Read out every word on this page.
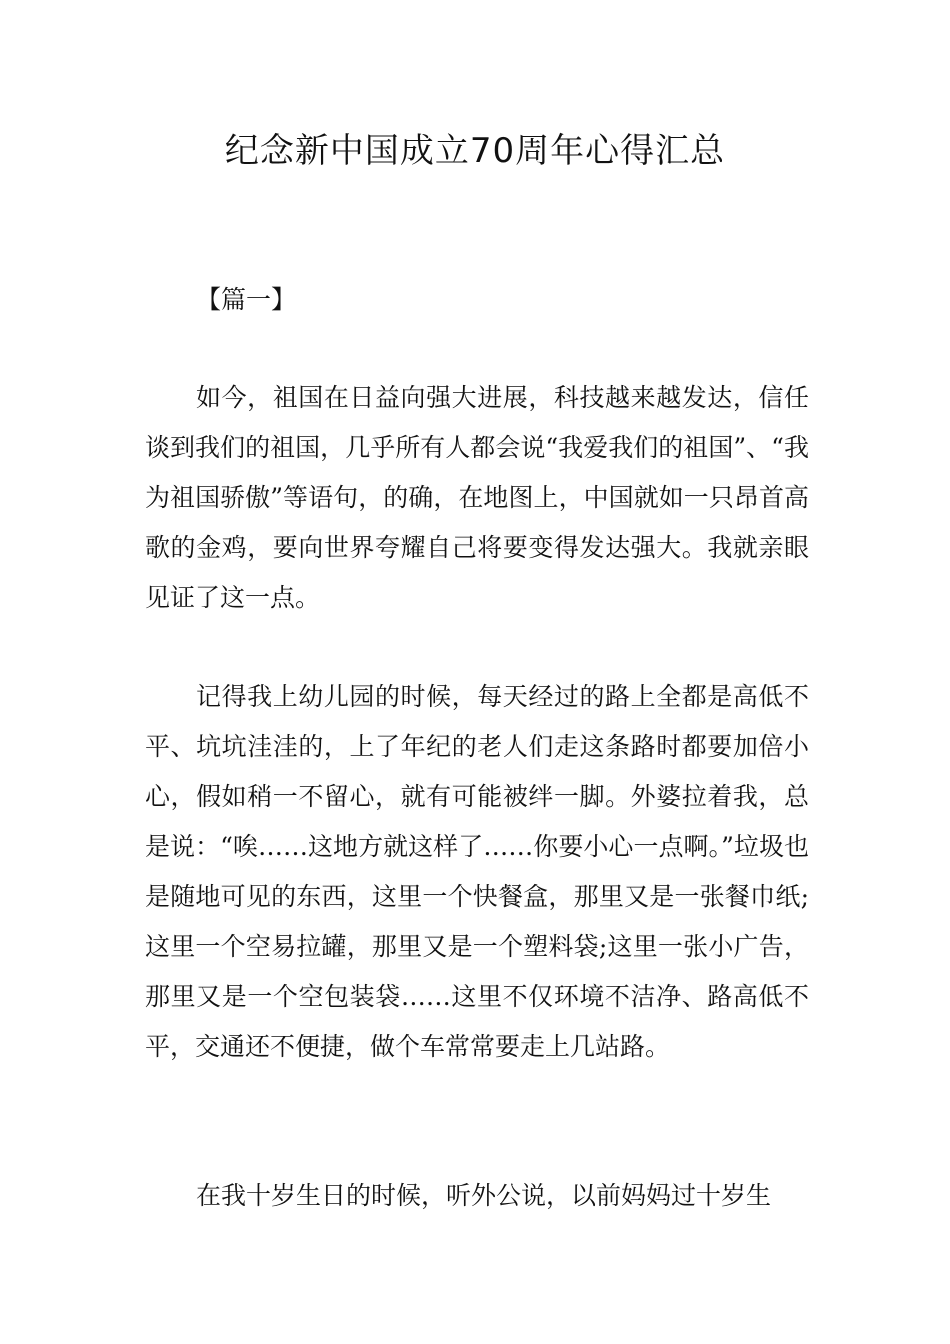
纪念新中国成立70周年心得汇总
【篇一】

如今，祖国在日益向强大进展，科技越来越发达，信任谈到我们的祖国，几乎所有人都会说“我爱我们的祖国”、“我为祖国骄傲”等语句，的确，在地图上，中国就如一只昂首高歌的金鸡，要向世界夸耀自己将要变得发达强大。我就亲眼见证了这一点。

记得我上幼儿园的时候，每天经过的路上全都是高低不平、坑坑洼洼的，上了年纪的老人们走这条路时都要加倍小心，假如稍一不留心，就有可能被绊一脚。外婆拉着我，总是说：“唉……这地方就这样了……你要小心一点啊。”垃圾也是随地可见的东西，这里一个快餐盒，那里又是一张餐巾纸;这里一个空易拉罐，那里又是一个塑料袋;这里一张小广告，那里又是一个空包装袋……这里不仅环境不洁净、路高低不平，交通还不便捷，做个车常常要走上几站路。

在我十岁生日的时候，听外公说，以前妈妈过十岁生
